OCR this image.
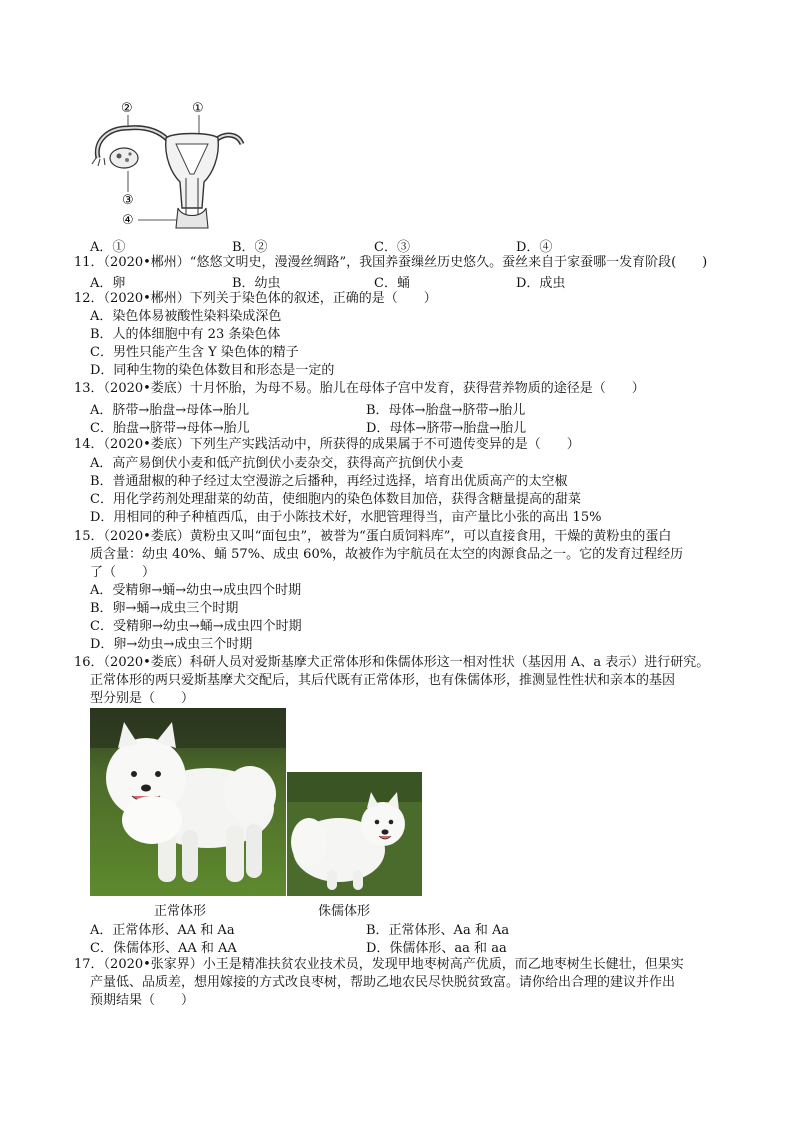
②	①
③
④
A．①	B．②	C．③	D．④
11．（2020•郴州）“悠悠文明史，漫漫丝绸路”，我国养蚕缫丝历史悠久。蚕丝来自于家蚕哪一发育阶段(　　)
A．卵	B．幼虫	C．蛹	D．成虫
12．（2020•郴州）下列关于染色体的叙述，正确的是（　　）
A．染色体易被酸性染料染成深色
B．人的体细胞中有 23 条染色体
C．男性只能产生含 Y 染色体的精子
D．同种生物的染色体数目和形态是一定的
13．（2020•娄底）十月怀胎，为母不易。胎儿在母体子宫中发育，获得营养物质的途径是（　　）
A．脐带→胎盘→母体→胎儿	B．母体→胎盘→脐带→胎儿
C．胎盘→脐带→母体→胎儿	D．母体→脐带→胎盘→胎儿
14．（2020•娄底）下列生产实践活动中，所获得的成果属于不可遗传变异的是（　　）
A．高产易倒伏小麦和低产抗倒伏小麦杂交，获得高产抗倒伏小麦
B．普通甜椒的种子经过太空漫游之后播种，再经过选择，培育出优质高产的太空椒
C．用化学药剂处理甜菜的幼苗，使细胞内的染色体数目加倍，获得含糖量提高的甜菜
D．用相同的种子种植西瓜，由于小陈技术好，水肥管理得当，亩产量比小张的高出 15%
15．（2020•娄底）黄粉虫又叫“面包虫”，被誉为“蛋白质饲料库”，可以直接食用，干燥的黄粉虫的蛋白
质含量：幼虫 40%、蛹 57%、成虫 60%，故被作为宇航员在太空的肉源食品之一。它的发育过程经历
了（　　）
A．受精卵→蛹→幼虫→成虫四个时期
B．卵→蛹→成虫三个时期
C．受精卵→幼虫→蛹→成虫四个时期
D．卵→幼虫→成虫三个时期
16．（2020•娄底）科研人员对爱斯基摩犬正常体形和侏儒体形这一相对性状（基因用 A、a 表示）进行研究。
正常体形的两只爱斯基摩犬交配后，其后代既有正常体形，也有侏儒体形，推测显性性状和亲本的基因
型分别是（　　）
正常体形	侏儒体形
A．正常体形、AA 和 Aa	B．正常体形、Aa 和 Aa
C．侏儒体形、AA 和 AA	D．侏儒体形、aa 和 aa
17．（2020•张家界）小王是精准扶贫农业技术员，发现甲地枣树高产优质，而乙地枣树生长健壮，但果实
产量低、品质差，想用嫁接的方式改良枣树，帮助乙地农民尽快脱贫致富。请你给出合理的建议并作出
预期结果（　　）
